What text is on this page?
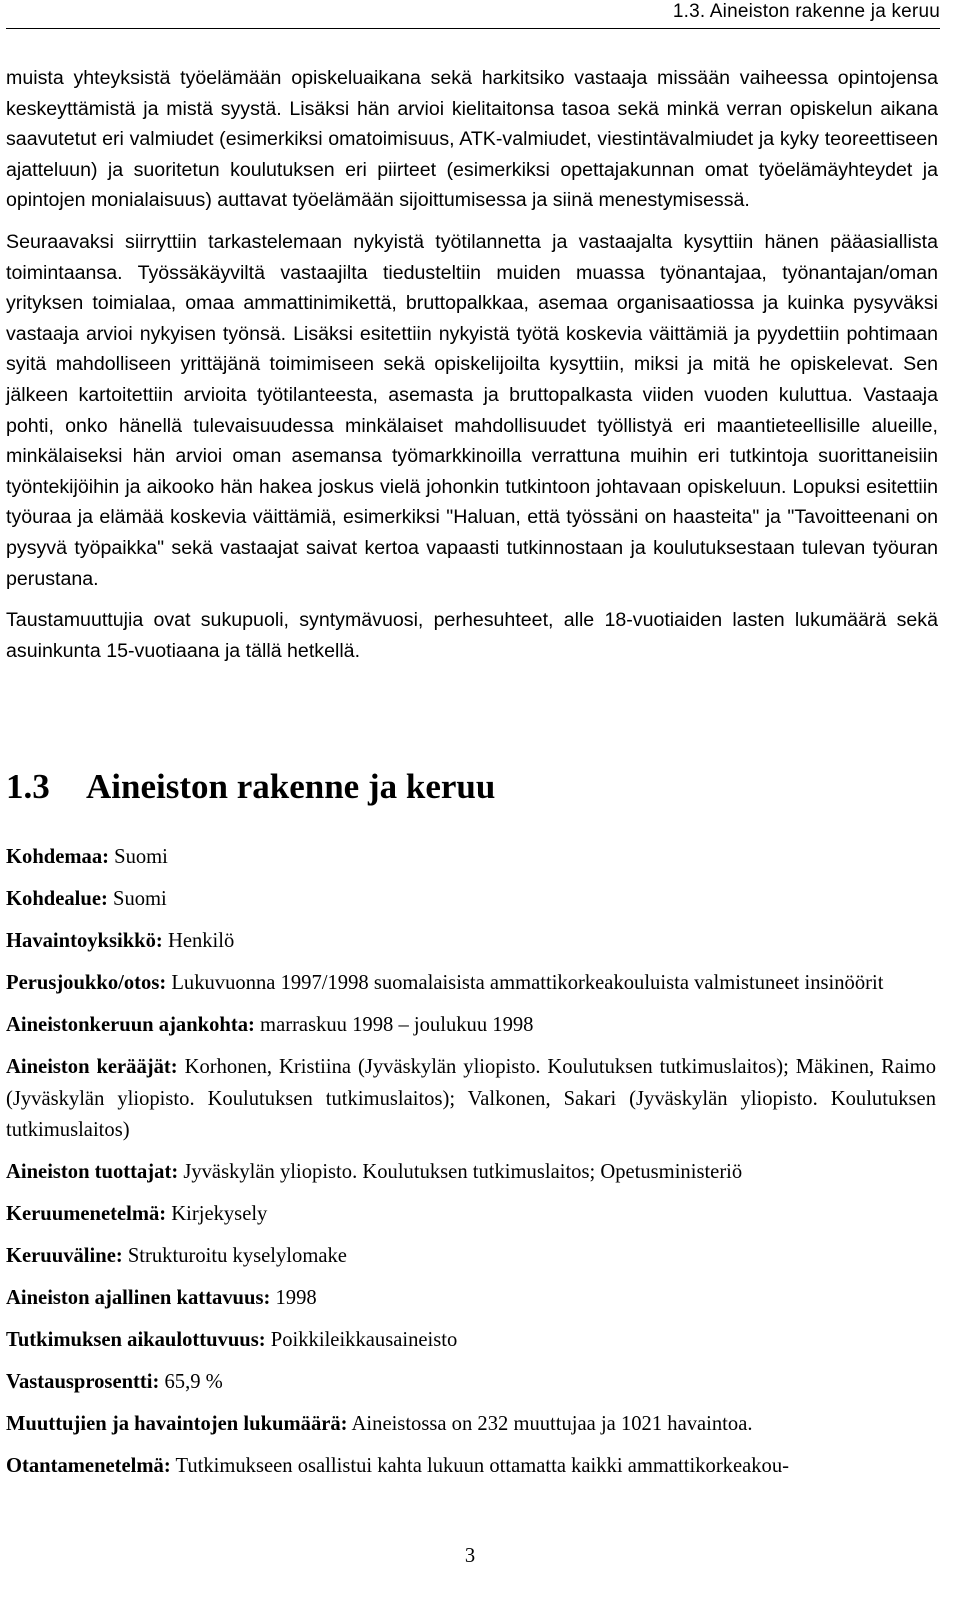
1.3. Aineiston rakenne ja keruu

muista yhteyksistä työelämään opiskeluaikana sekä harkitsiko vastaaja missään vaiheessa opintojensa keskeyttämistä ja mistä syystä. Lisäksi hän arvioi kielitaitonsa tasoa sekä minkä verran opiskelun aikana saavutetut eri valmiudet (esimerkiksi omatoimisuus, ATK-valmiudet, viestintävalmiudet ja kyky teoreettiseen ajatteluun) ja suoritetun koulutuksen eri piirteet (esimerkiksi opettajakunnan omat työelämäyhteydet ja opintojen monialaisuus) auttavat työelämään sijoittumisessa ja siinä menestymisessä.

Seuraavaksi siirryttiin tarkastelemaan nykyistä työtilannetta ja vastaajalta kysyttiin hänen pääasiallista toimintaansa. Työssäkäyviltä vastaajilta tiedusteltiin muiden muassa työnantajaa, työnantajan/oman yrityksen toimialaa, omaa ammattinimikettä, bruttopalkkaa, asemaa organisaatiossa ja kuinka pysyväksi vastaaja arvioi nykyisen työnsä. Lisäksi esitettiin nykyistä työtä koskevia väittämiä ja pyydettiin pohtimaan syitä mahdolliseen yrittäjänä toimimiseen sekä opiskelijoilta kysyttiin, miksi ja mitä he opiskelevat. Sen jälkeen kartoitettiin arvioita työtilanteesta, asemasta ja bruttopalkasta viiden vuoden kuluttua. Vastaaja pohti, onko hänellä tulevaisuudessa minkälaiset mahdollisuudet työllistyä eri maantieteellisille alueille, minkälaiseksi hän arvioi oman asemansa työmarkkinoilla verrattuna muihin eri tutkintoja suorittaneisiin työntekijöihin ja aikooko hän hakea joskus vielä johonkin tutkintoon johtavaan opiskeluun. Lopuksi esitettiin työuraa ja elämää koskevia väittämiä, esimerkiksi "Haluan, että työssäni on haasteita" ja "Tavoitteenani on pysyvä työpaikka" sekä vastaajat saivat kertoa vapaasti tutkinnostaan ja koulutuksestaan tulevan työuran perustana.

Taustamuuttujia ovat sukupuoli, syntymävuosi, perhesuhteet, alle 18-vuotiaiden lasten lukumäärä sekä asuinkunta 15-vuotiaana ja tällä hetkellä.

1.3 Aineiston rakenne ja keruu

Kohdemaa: Suomi

Kohdealue: Suomi

Havaintoyksikkö: Henkilö

Perusjoukko/otos: Lukuvuonna 1997/1998 suomalaisista ammattikorkeakouluista valmistuneet insinöörit

Aineistonkeruun ajankohta: marraskuu 1998 – joulukuu 1998

Aineiston kerääjät: Korhonen, Kristiina (Jyväskylän yliopisto. Koulutuksen tutkimuslaitos); Mäkinen, Raimo (Jyväskylän yliopisto. Koulutuksen tutkimuslaitos); Valkonen, Sakari (Jyväskylän yliopisto. Koulutuksen tutkimuslaitos)

Aineiston tuottajat: Jyväskylän yliopisto. Koulutuksen tutkimuslaitos; Opetusministeriö

Keruumenetelmä: Kirjekysely

Keruuväline: Strukturoitu kyselylomake

Aineiston ajallinen kattavuus: 1998

Tutkimuksen aikaulottuvuus: Poikkileikkausaineisto

Vastausprosentti: 65,9 %

Muuttujien ja havaintojen lukumäärä: Aineistossa on 232 muuttujaa ja 1021 havaintoa.

Otantamenetelmä: Tutkimukseen osallistui kahta lukuun ottamatta kaikki ammattikorkeakou-

3
